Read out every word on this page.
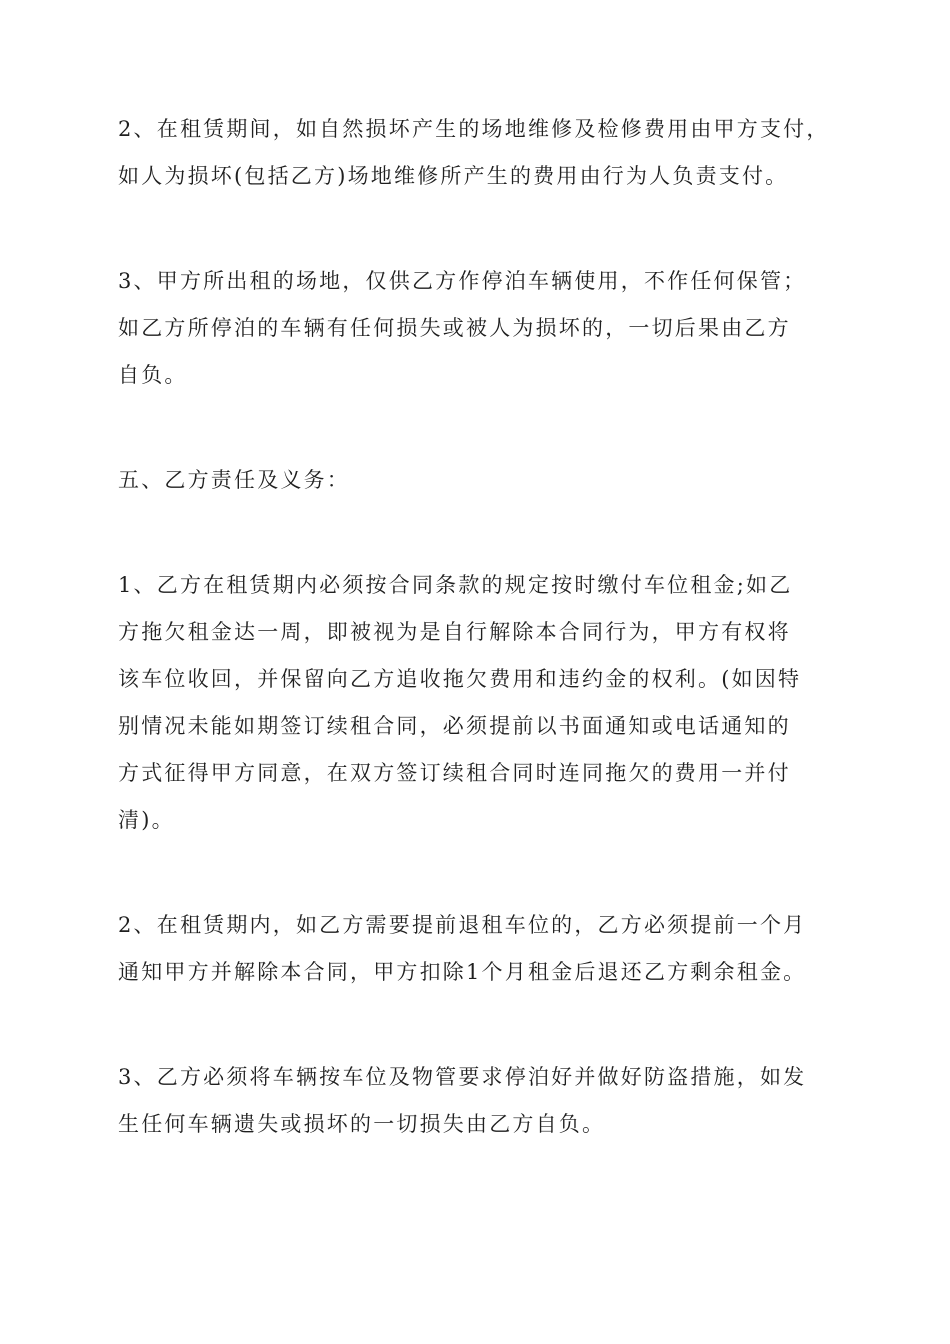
2、在租赁期间，如自然损坏产生的场地维修及检修费用由甲方支付，
如人为损坏(包括乙方)场地维修所产生的费用由行为人负责支付。
3、甲方所出租的场地，仅供乙方作停泊车辆使用，不作任何保管；
如乙方所停泊的车辆有任何损失或被人为损坏的，一切后果由乙方
自负。
五、乙方责任及义务：
1、乙方在租赁期内必须按合同条款的规定按时缴付车位租金;如乙
方拖欠租金达一周，即被视为是自行解除本合同行为，甲方有权将
该车位收回，并保留向乙方追收拖欠费用和违约金的权利。(如因特
别情况未能如期签订续租合同，必须提前以书面通知或电话通知的
方式征得甲方同意，在双方签订续租合同时连同拖欠的费用一并付
清)。
2、在租赁期内，如乙方需要提前退租车位的，乙方必须提前一个月
通知甲方并解除本合同，甲方扣除1个月租金后退还乙方剩余租金。
3、乙方必须将车辆按车位及物管要求停泊好并做好防盗措施，如发
生任何车辆遗失或损坏的一切损失由乙方自负。
